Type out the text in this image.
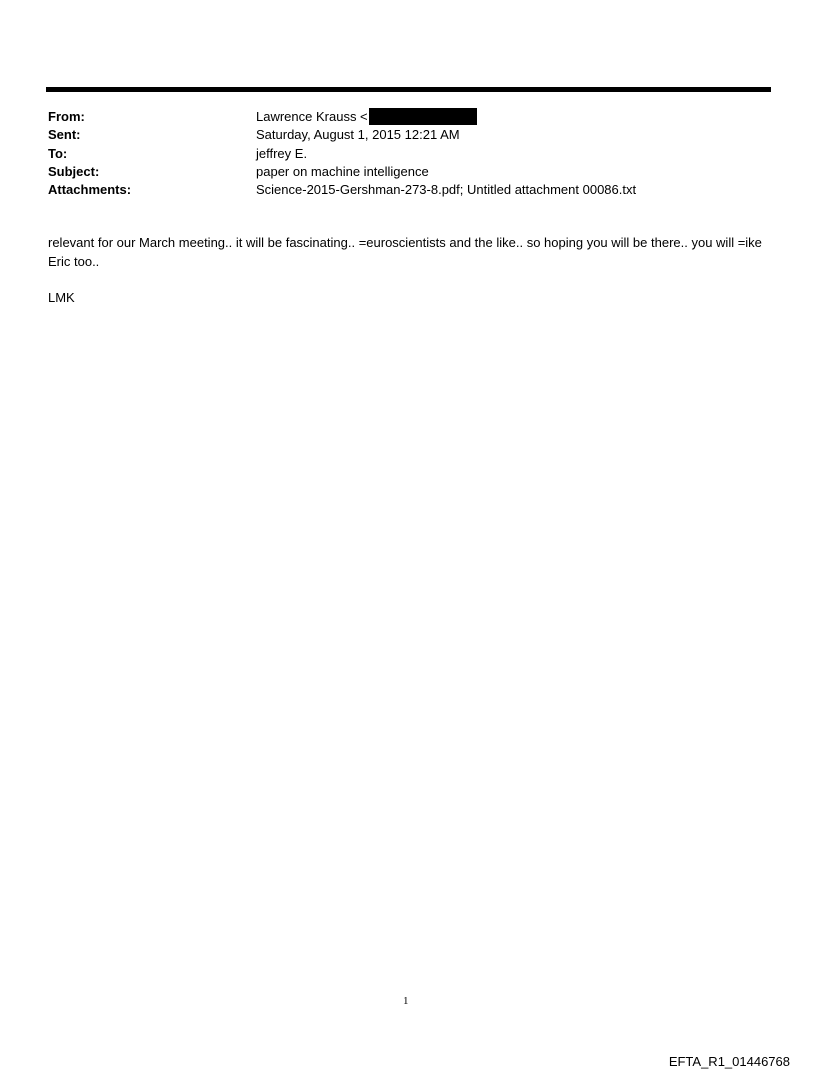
From:	Lawrence Krauss <
Sent:	Saturday, August 1, 2015 12:21 AM
To:	jeffrey E.
Subject:	paper on machine intelligence
Attachments:	Science-2015-Gershman-273-8.pdf; Untitled attachment 00086.txt
relevant for our March meeting.. it will be fascinating.. =euroscientists and the like.. so hoping you will be there.. you will =ike Eric too..
LMK
1
EFTA_R1_01446768
